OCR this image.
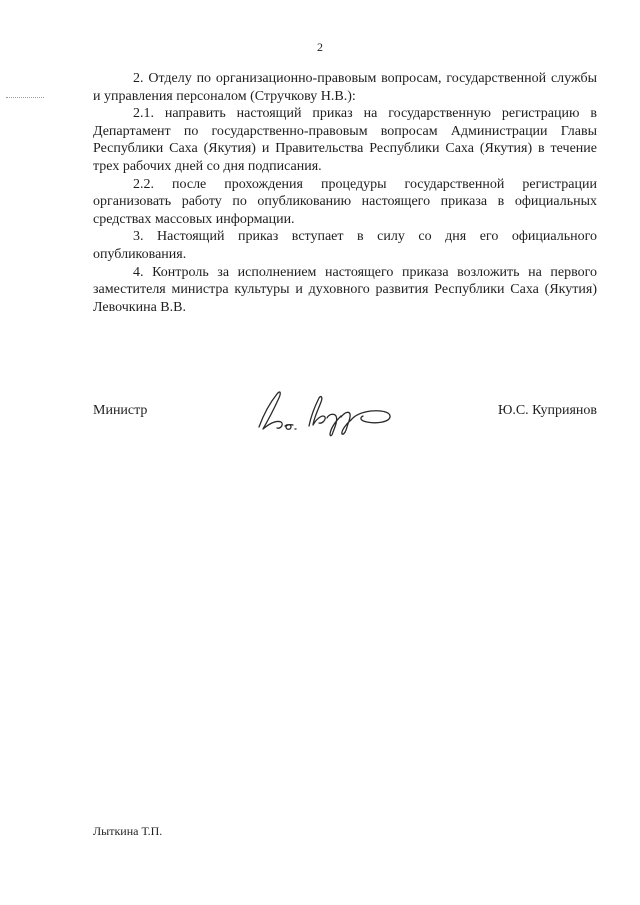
2

2. Отделу по организационно-правовым вопросам, государственной службы и управления персоналом (Стручкову Н.В.):

2.1. направить настоящий приказ на государственную регистрацию в Департамент по государственно-правовым вопросам Администрации Главы Республики Саха (Якутия) и Правительства Республики Саха (Якутия) в течение трех рабочих дней со дня подписания.

2.2. после прохождения процедуры государственной регистрации организовать работу по опубликованию настоящего приказа в официальных средствах массовых информации.

3. Настоящий приказ вступает в силу со дня его официального опубликования.

4. Контроль за исполнением настоящего приказа возложить на первого заместителя министра культуры и духовного развития Республики Саха (Якутия) Левочкина В.В.

Министр	Ю.С. Куприянов
Лыткина Т.П.
